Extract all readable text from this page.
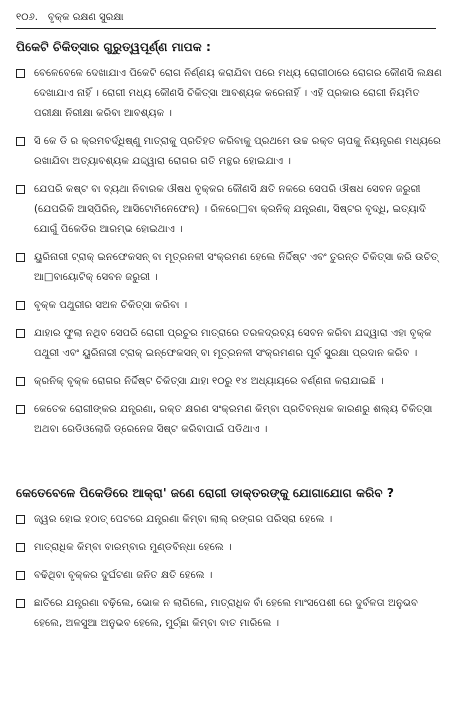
୧୦୬. ବୃକ୍କ ରକ୍ଷଣ ସୁରକ୍ଷା
ପିକେଟି ଚିକିତ୍ସାର ଗୁରୁତ୍ୱପୂର୍ଣ୍ଣ ମାପକ :
ବେଳେବେଳେ ଦେଖାଯାଏ ପିକେଟି ରୋଗ ନିର୍ଣ୍ଣୟ କରାଯିବା ପରେ ମଧ୍ୟ ରୋଗୀଠାରେ ରୋଗର କୌଣସି ଲକ୍ଷଣ ଦେଖାଯାଏ ନାହିଁ । ରୋଗୀ ମଧ୍ୟ କୌଣସି ଚିକିତ୍ସା ଆବଶ୍ୟକ କରେନାହିଁ । ଏହି ପ୍ରକାର ରୋଗୀ ନିୟମିତ ପରୀକ୍ଷା ନିରୀକ୍ଷା କରିବା ଆବଶ୍ୟକ ।
ସି କେ ଡି ର କ୍ରମବର୍ଦ୍ଧିଷ୍ଣୁ ମାତ୍ରାକୁ ପ୍ରତିହତ କରିବାକୁ ପ୍ରଥମେ ଉଚ୍ଚ ରକ୍ତ ଚାପକୁ ନିୟନ୍ତ୍ରଣ ମଧ୍ୟରେ ରଖାଯିବା ଅତ୍ୟାବଶ୍ୟକ ଯଦ୍ଦ୍ୱାରା ରୋଗର ଗତି ମନ୍ଥର ହୋଇଯାଏ ।
ଯେପରି କଷ୍ଟ ବା ବ୍ୟଥା ନିବାରକ ଔଷଧ ବୃକ୍କର କୌଣସି କ୍ଷତି ନକରେ ସେପରି ଔଷଧ ସେବନ ଜରୁରୀ (ଯେପରିକି ଆସ୍ପିରିନ୍, ଆସିଟୋମିନେଫେନ୍) । ରିଳରେ□ବା କ୍ରନିକ୍ ଯନ୍ତ୍ରଣା, ସିଷ୍ଟର ବୃଦ୍ଧି, ଇତ୍ୟାଦି ଯୋଗୁଁ ପିକେଡିର ଆରମ୍ଭ ହୋଇଥାଏ ।
ୟୁରିନାରୀ ଟ୍ରାକ୍ ଇନଫେକସନ୍ ବା ମୂତ୍ରନଳୀ ସଂକ୍ରମଣ ହେଲେ ନିର୍ଦ୍ଦିଷ୍ଟ ଏବଂ ତୁରନ୍ତ ଚିକିତ୍ସା କରି ଉଚିତ୍ ଆ□ବାୟୋଟିକ୍ ସେବନ ଜରୁରୀ ।
ବୃକ୍କ ପଥୁରୀର ସଅଳ ଚିକିତ୍ସା କରିବା ।
ଯାହାର ଫୁଲା ନଥିବ ସେପରି ରୋଗୀ ପ୍ରଚୁର ମାତ୍ରାରେ ତରଳଦ୍ରବ୍ୟ ସେବନ କରିବା ଯଦ୍ଦ୍ୱାରା ଏହା ବୃକ୍କ ପଥୁରୀ ଏବଂ ୟୁରିନାରୀ ଟ୍ରାକ୍ ଇନ୍‌ଫେକସନ୍ ବା ମୂତ୍ରନଳୀ ସଂକ୍ରମଣର ପୂର୍ବ ସୁରକ୍ଷା ପ୍ରଦାନ କରିବ ।
କ୍ରନିକ୍ ବୃକ୍କ ରୋଗର ନିର୍ଦ୍ଦିଷ୍ଟ ଚିକିତ୍ସା ଯାହା ୧୦ରୁ ୧୪ ଅଧ୍ୟାୟରେ ବର୍ଣ୍ଣନା କରାଯାଇଛି ।
କେତେକ ରୋଗୀଙ୍କର ଯନ୍ତ୍ରଣା, ରକ୍ତ କ୍ଷରଣ ସଂକ୍ରମଣ କିମ୍ବା ପ୍ରତିବନ୍ଧକ କାରଣରୁ ଶଲ୍ୟ ଚିକିତ୍ସା ଅଥବା ରେଡିଓଲୋଜି ଡ୍ରେନେଜ ସିଷ୍ଟ କରିବାପାଇଁ ପଡିଥାଏ ।
କେତେବେଳେ ପିକେଡିରେ ଆକ୍ରା' ଜଣେ ରୋଗୀ ଡାକ୍ତରଙ୍କୁ ଯୋଗାଯୋଗ କରିବ ?
ଜ୍ୱର ହୋଇ ହଠାତ୍ ପେଟରେ ଯନ୍ତ୍ରଣା କିମ୍ବା ଲାଲ୍ ରଙ୍ଗର ପରିସ୍ରା ହେଲେ ।
ମାତ୍ରାଧିକ କିମ୍ବା ବାରମ୍ବାର ମୁଣ୍ଡବିନ୍ଧା ହେଲେ ।
ବଢିଥିବା ବୃକ୍କର ଦୁର୍ଘଟଣା ଜନିତ କ୍ଷତି ହେଲେ ।
ଛାତିରେ ଯନ୍ତ୍ରଣା ବଢ଼ିଲେ, ଭୋକ ନ ଲାଗିଲେ, ମାତ୍ରାଧିକ ବାଁ ହେଲେ ମାଂସପେଶୀ ରେ ଦୁର୍ବଳତା ଅନୁଭବ ହେଲେ, ଅଳସୁଆ ଅନୁଭବ ହେଲେ, ମୁର୍ଚ୍ଛା କିମ୍ବା ବାତ ମାରିଲେ ।
